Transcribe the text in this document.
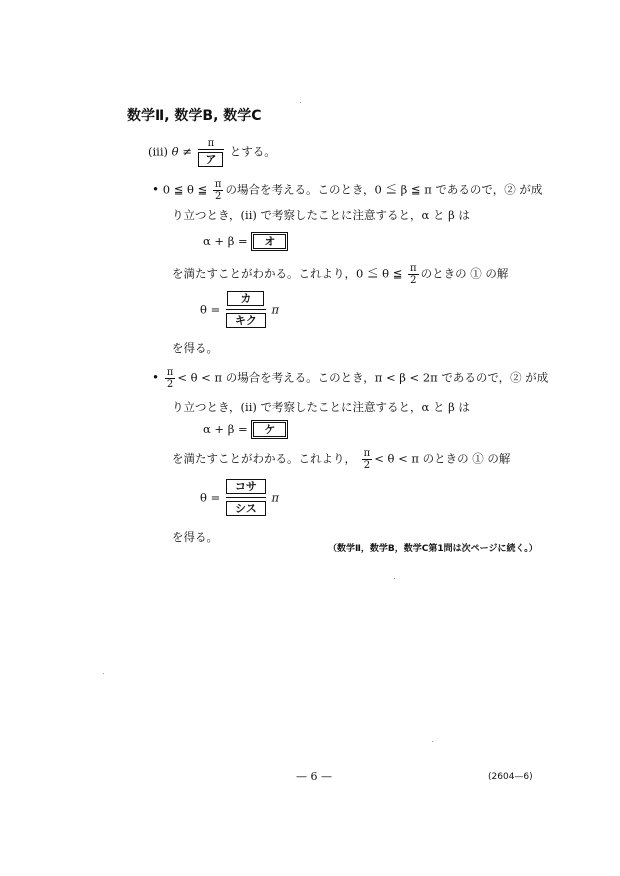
数学Ⅱ, 数学B, 数学C
(iii) $\theta \ne \frac{\pi}{\text{ア}}$ とする。
• 0 ≦ θ ≦ $\frac{\pi}{2}$ の場合を考える。このとき，0 ≦ β ≦ π であるので，② が成
り立つとき，(ii) で考察したことに注意すると，α と β は
α + β = オ
を満たすことがわかる。これより，0 ≦ θ ≦ $\frac{\pi}{2}$ のときの ① の解
$\theta = \frac{\text{カ}}{\text{キク}}$ π
を得る。
• $\frac{\pi}{2} < \theta < \pi$ の場合を考える。このとき，π < β < 2π であるので，② が成
り立つとき，(ii) で考察したことに注意すると，α と β は
α + β = ケ
を満たすことがわかる。これより， $\frac{\pi}{2} < \theta < \pi$ のときの ① の解
$\theta = \frac{\text{コサ}}{\text{シス}}$ π
を得る。
（数学Ⅱ，数学B，数学C第1問は次ページに続く。）
— 6 —	(2604—6)
